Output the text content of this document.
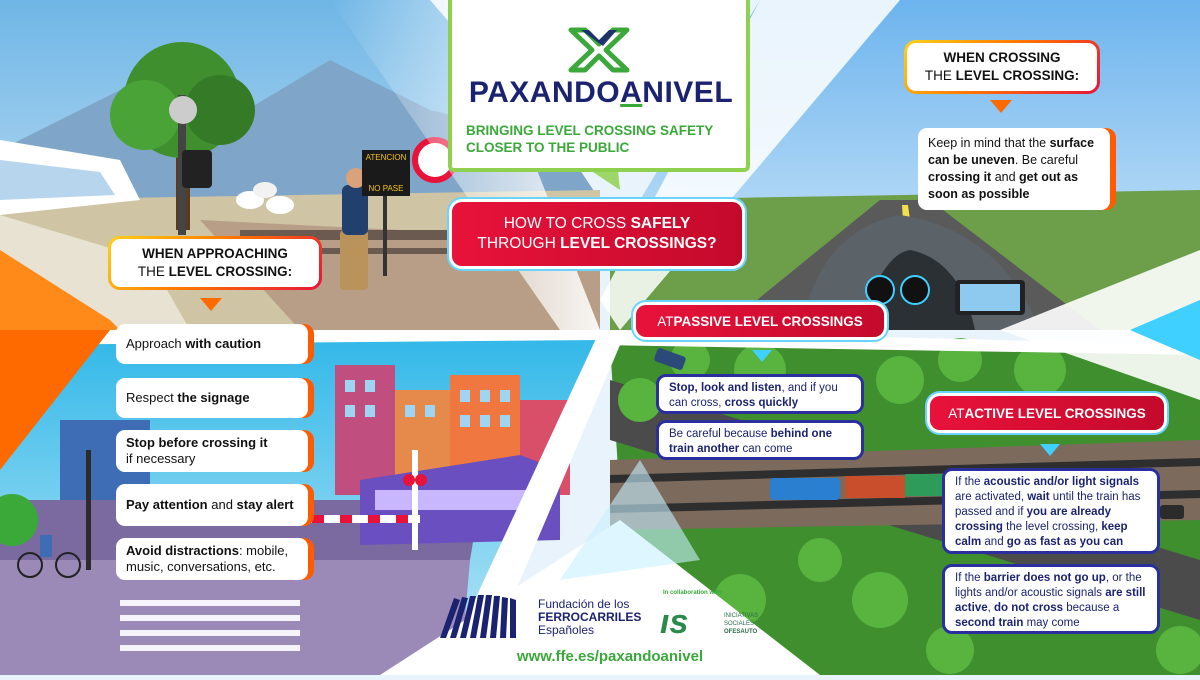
ATENCION
NO PASE
PAXANDOANIVEL
BRINGING LEVEL CROSSING SAFETY
CLOSER TO THE PUBLIC
HOW TO CROSS SAFELY
THROUGH LEVEL CROSSINGS?
WHEN APPROACHING
THE LEVEL CROSSING:
Approach with caution
Respect the signage
Stop before crossing it
if necessary
Pay attention and stay alert
Avoid distractions: mobile, music, conversations, etc.
WHEN CROSSING
THE LEVEL CROSSING:
Keep in mind that the surface can be uneven. Be careful crossing it and get out as soon as possible
AT PASSIVE LEVEL CROSSINGS
Stop, look and listen, and if you can cross, cross quickly
Be careful because behind one train another can come
AT ACTIVE LEVEL CROSSINGS
If the acoustic and/or light signals are activated, wait until the train has passed and if you are already crossing the level crossing, keep calm and go as fast as you can
If the barrier does not go up, or the lights and/or acoustic signals are still active, do not cross because a second train may come
Fundación de los
FERROCARRILES
Españoles
In collaboration with:
ıs	INICIATIVAS
SOCIALES
OFESAUTO
www.ffe.es/paxandoanivel
